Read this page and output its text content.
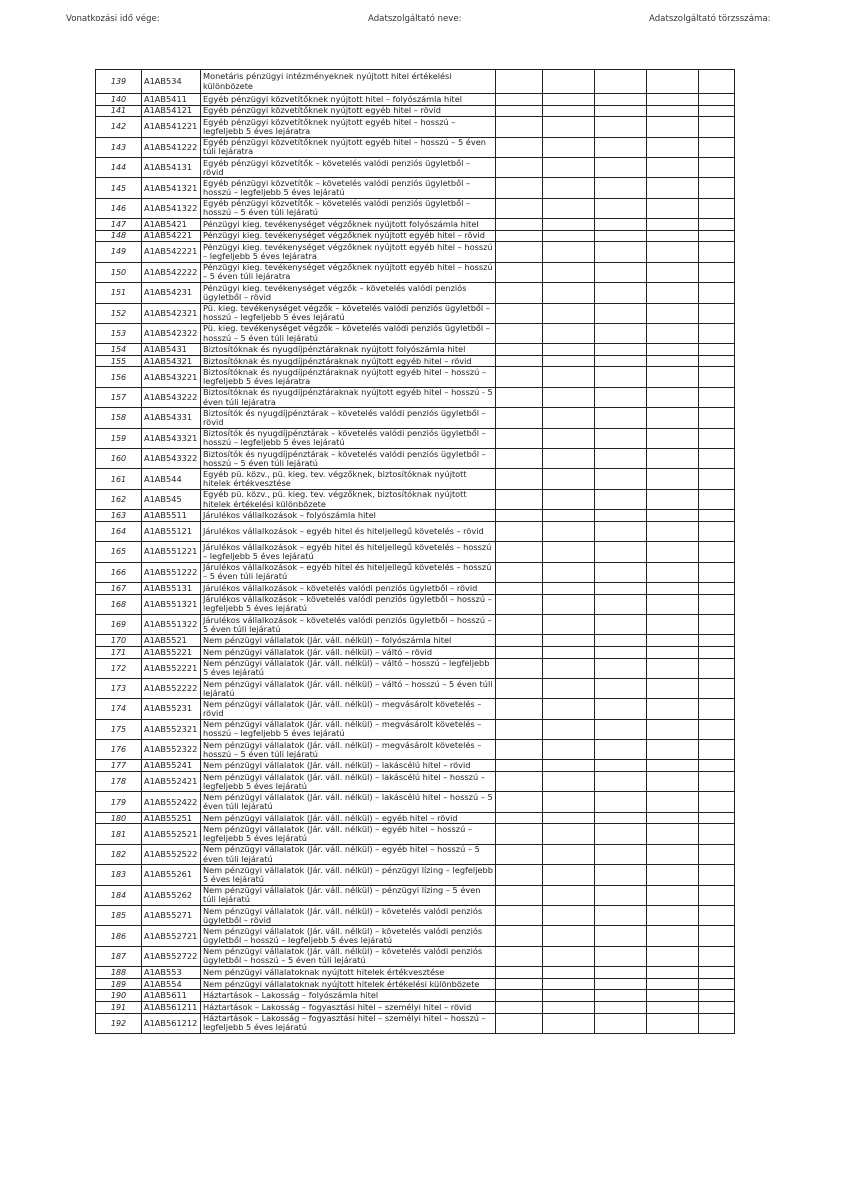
Vonatkozási idő vége:	Adatszolgáltató neve:	Adatszolgáltató törzsszáma:
139	A1AB534	Monetáris pénzügyi intézményeknek nyújtott hitel értékelési különbözete					
140	A1AB5411	Egyéb pénzügyi közvetítőknek nyújtott hitel – folyószámla hitel					
141	A1AB54121	Egyéb pénzügyi közvetítőknek nyújtott egyéb hitel – rövid					
142	A1AB541221	Egyéb pénzügyi közvetítőknek nyújtott egyéb hitel – hosszú – legfeljebb 5 éves lejáratra					
143	A1AB541222	Egyéb pénzügyi közvetítőknek nyújtott egyéb hitel – hosszú – 5 éven túli lejáratra					
144	A1AB54131	Egyéb pénzügyi közvetítők – követelés valódi penziós ügyletből – rövid					
145	A1AB541321	Egyéb pénzügyi közvetítők – követelés valódi penziós ügyletből – hosszú – legfeljebb 5 éves lejáratú					
146	A1AB541322	Egyéb pénzügyi közvetítők – követelés valódi penziós ügyletből – hosszú – 5 éven túli lejáratú					
147	A1AB5421	Pénzügyi kieg. tevékenységet végzőknek nyújtott folyószámla hitel					
148	A1AB54221	Pénzügyi kieg. tevékenységet végzőknek nyújtott egyéb hitel – rövid					
149	A1AB542221	Pénzügyi kieg. tevékenységet végzőknek nyújtott egyéb hitel – hosszú – legfeljebb 5 éves lejáratra					
150	A1AB542222	Pénzügyi kieg. tevékenységet végzőknek nyújtott egyéb hitel – hosszú – 5 éven túli lejáratra					
151	A1AB54231	Pénzügyi kieg. tevékenységet végzők – követelés valódi penziós ügyletből – rövid					
152	A1AB542321	Pü. kieg. tevékenységet végzők – követelés valódi penziós ügyletből – hosszú – legfeljebb 5 éves lejáratú					
153	A1AB542322	Pü. kieg. tevékenységet végzők – követelés valódi penziós ügyletből – hosszú – 5 éven túli lejáratú					
154	A1AB5431	Biztosítóknak és nyugdíjpénztáraknak nyújtott folyószámla hitel					
155	A1AB54321	Biztosítóknak és nyugdíjpénztáraknak nyújtott egyéb hitel – rövid					
156	A1AB543221	Biztosítóknak és nyugdíjpénztáraknak nyújtott egyéb hitel – hosszú – legfeljebb 5 éves lejáratra					
157	A1AB543222	Biztosítóknak és nyugdíjpénztáraknak nyújtott egyéb hitel – hosszú - 5 éven túli lejáratra					
158	A1AB54331	Biztosítók és nyugdíjpénztárak – követelés valódi penziós ügyletből – rövid					
159	A1AB543321	Biztosítók és nyugdíjpénztárak – követelés valódi penziós ügyletből – hosszú – legfeljebb 5 éves lejáratú					
160	A1AB543322	Biztosítók és nyugdíjpénztárak – követelés valódi penziós ügyletből – hosszú – 5 éven túli lejáratú					
161	A1AB544	Egyéb pü. közv., pü. kieg. tev. végzőknek, biztosítóknak nyújtott hitelek értékvesztése					
162	A1AB545	Egyéb pü. közv., pü. kieg. tev. végzőknek, biztosítóknak nyújtott hitelek értékelési különbözete					
163	A1AB5511	Járulékos vállalkozások – folyószámla hitel					
164	A1AB55121	Járulékos vállalkozások – egyéb hitel és hiteljellegű követelés – rövid					
165	A1AB551221	Járulékos vállalkozások – egyéb hitel és hiteljellegű követelés – hosszú – legfeljebb 5 éves lejáratú					
166	A1AB551222	Járulékos vállalkozások – egyéb hitel és hiteljellegű követelés – hosszú – 5 éven túli lejáratú					
167	A1AB55131	Járulékos vállalkozások – követelés valódi penziós ügyletből – rövid					
168	A1AB551321	Járulékos vállalkozások – követelés valódi penziós ügyletből – hosszú – legfeljebb 5 éves lejáratú					
169	A1AB551322	Járulékos vállalkozások – követelés valódi penziós ügyletből – hosszú – 5 éven túli lejáratú					
170	A1AB5521	Nem pénzügyi vállalatok (Jár. váll. nélkül) – folyószámla hitel					
171	A1AB55221	Nem pénzügyi vállalatok (Jár. váll. nélkül) – váltó – rövid					
172	A1AB552221	Nem pénzügyi vállalatok (Jár. váll. nélkül) – váltó – hosszú – legfeljebb 5 éves lejáratú					
173	A1AB552222	Nem pénzügyi vállalatok (Jár. váll. nélkül) – váltó – hosszú – 5 éven túli lejáratú					
174	A1AB55231	Nem pénzügyi vállalatok (Jár. váll. nélkül) – megvásárolt követelés – rövid					
175	A1AB552321	Nem pénzügyi vállalatok (Jár. váll. nélkül) – megvásárolt követelés – hosszú – legfeljebb 5 éves lejáratú					
176	A1AB552322	Nem pénzügyi vállalatok (Jár. váll. nélkül) – megvásárolt követelés – hosszú – 5 éven túli lejáratú					
177	A1AB55241	Nem pénzügyi vállalatok (Jár. váll. nélkül) – lakáscélú hitel – rövid					
178	A1AB552421	Nem pénzügyi vállalatok (Jár. váll. nélkül) – lakáscélú hitel – hosszú – legfeljebb 5 éves lejáratú					
179	A1AB552422	Nem pénzügyi vállalatok (Jár. váll. nélkül) – lakáscélú hitel – hosszú – 5 éven túli lejáratú					
180	A1AB55251	Nem pénzügyi vállalatok (Jár. váll. nélkül) – egyéb hitel – rövid					
181	A1AB552521	Nem pénzügyi vállalatok (Jár. váll. nélkül) – egyéb hitel – hosszú – legfeljebb 5 éves lejáratú					
182	A1AB552522	Nem pénzügyi vállalatok (Jár. váll. nélkül) – egyéb hitel – hosszú – 5 éven túli lejáratú					
183	A1AB55261	Nem pénzügyi vállalatok (Jár. váll. nélkül) – pénzügyi lízing – legfeljebb 5 éves lejáratú					
184	A1AB55262	Nem pénzügyi vállalatok (Jár. váll. nélkül) – pénzügyi lízing – 5 éven túli lejáratú					
185	A1AB55271	Nem pénzügyi vállalatok (Jár. váll. nélkül) – követelés valódi penziós ügyletből – rövid					
186	A1AB552721	Nem pénzügyi vállalatok (Jár. váll. nélkül) – követelés valódi penziós ügyletből – hosszú – legfeljebb 5 éves lejáratú					
187	A1AB552722	Nem pénzügyi vállalatok (Jár. váll. nélkül) – követelés valódi penziós ügyletből – hosszú – 5 éven túli lejáratú					
188	A1AB553	Nem pénzügyi vállalatoknak nyújtott hitelek értékvesztése					
189	A1AB554	Nem pénzügyi vállalatoknak nyújtott hitelek értékelési különbözete					
190	A1AB5611	Háztartások – Lakosság – folyószámla hitel					
191	A1AB561211	Háztartások – Lakosság – fogyasztási hitel – személyi hitel – rövid					
192	A1AB561212	Háztartások – Lakosság – fogyasztási hitel – személyi hitel – hosszú – legfeljebb 5 éves lejáratú					
